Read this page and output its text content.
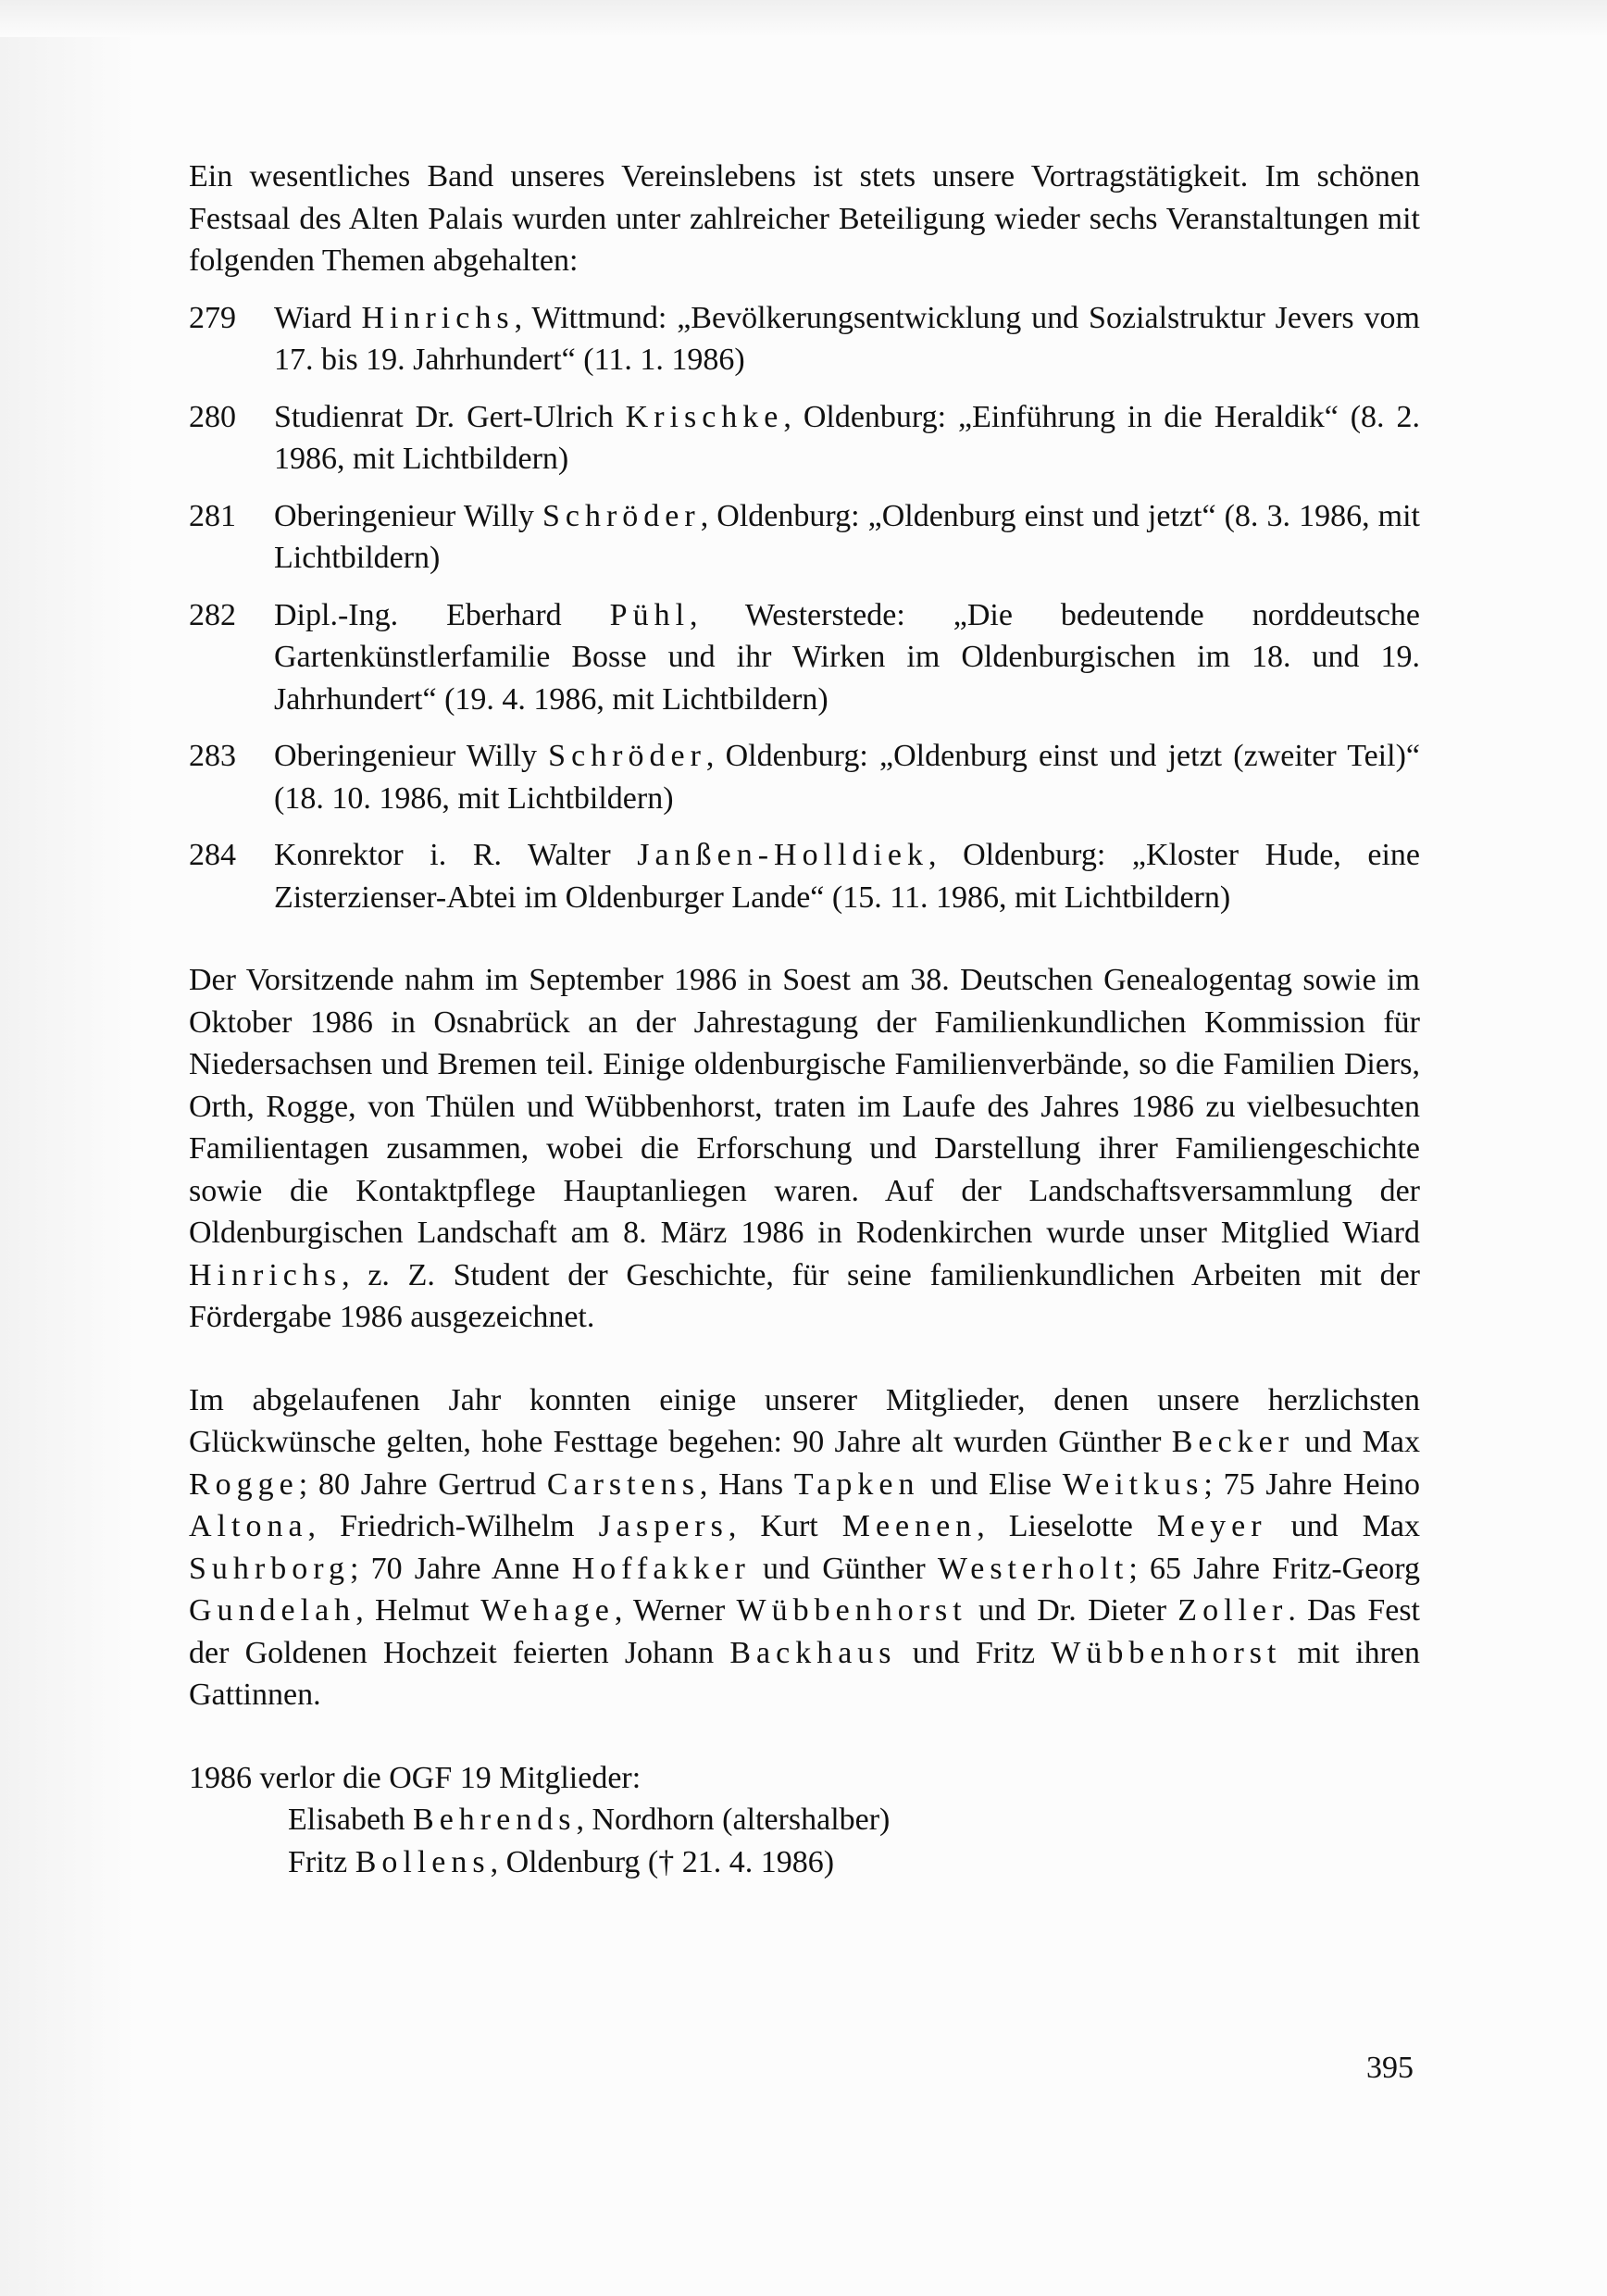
Ein wesentliches Band unseres Vereinslebens ist stets unsere Vortragstätigkeit. Im schönen Festsaal des Alten Palais wurden unter zahlreicher Beteiligung wieder sechs Veranstaltungen mit folgenden Themen abgehalten:

279	Wiard Hinrichs, Wittmund: „Bevölkerungsentwicklung und Sozialstruktur Jevers vom 17. bis 19. Jahrhundert“ (11. 1. 1986)
280	Studienrat Dr. Gert-Ulrich Krischke, Oldenburg: „Einführung in die Heraldik“ (8. 2. 1986, mit Lichtbildern)
281	Oberingenieur Willy Schröder, Oldenburg: „Oldenburg einst und jetzt“ (8. 3. 1986, mit Lichtbildern)
282	Dipl.-Ing. Eberhard Pühl, Westerstede: „Die bedeutende norddeutsche Gartenkünstlerfamilie Bosse und ihr Wirken im Oldenburgischen im 18. und 19. Jahrhundert“ (19. 4. 1986, mit Lichtbildern)
283	Oberingenieur Willy Schröder, Oldenburg: „Oldenburg einst und jetzt (zweiter Teil)“ (18. 10. 1986, mit Lichtbildern)
284	Konrektor i. R. Walter Janßen-Holldiek, Oldenburg: „Kloster Hude, eine Zisterzienser-Abtei im Oldenburger Lande“ (15. 11. 1986, mit Lichtbildern)

Der Vorsitzende nahm im September 1986 in Soest am 38. Deutschen Genealogentag sowie im Oktober 1986 in Osnabrück an der Jahrestagung der Familienkundlichen Kommission für Niedersachsen und Bremen teil. Einige oldenburgische Familienverbände, so die Familien Diers, Orth, Rogge, von Thülen und Wübbenhorst, traten im Laufe des Jahres 1986 zu vielbesuchten Familientagen zusammen, wobei die Erforschung und Darstellung ihrer Familiengeschichte sowie die Kontaktpflege Hauptanliegen waren. Auf der Landschaftsversammlung der Oldenburgischen Landschaft am 8. März 1986 in Rodenkirchen wurde unser Mitglied Wiard Hinrichs, z. Z. Student der Geschichte, für seine familienkundlichen Arbeiten mit der Fördergabe 1986 ausgezeichnet.

Im abgelaufenen Jahr konnten einige unserer Mitglieder, denen unsere herzlichsten Glückwünsche gelten, hohe Festtage begehen: 90 Jahre alt wurden Günther Becker und Max Rogge; 80 Jahre Gertrud Carstens, Hans Tapken und Elise Weitkus; 75 Jahre Heino Altona, Friedrich-Wilhelm Jaspers, Kurt Meenen, Lieselotte Meyer und Max Suhrborg; 70 Jahre Anne Hoffakker und Günther Westerholt; 65 Jahre Fritz-Georg Gundelah, Helmut Wehage, Werner Wübbenhorst und Dr. Dieter Zoller. Das Fest der Goldenen Hochzeit feierten Johann Backhaus und Fritz Wübbenhorst mit ihren Gattinnen.

1986 verlor die OGF 19 Mitglieder:
Elisabeth Behrends, Nordhorn (altershalber)
Fritz Bollens, Oldenburg († 21. 4. 1986)
395
